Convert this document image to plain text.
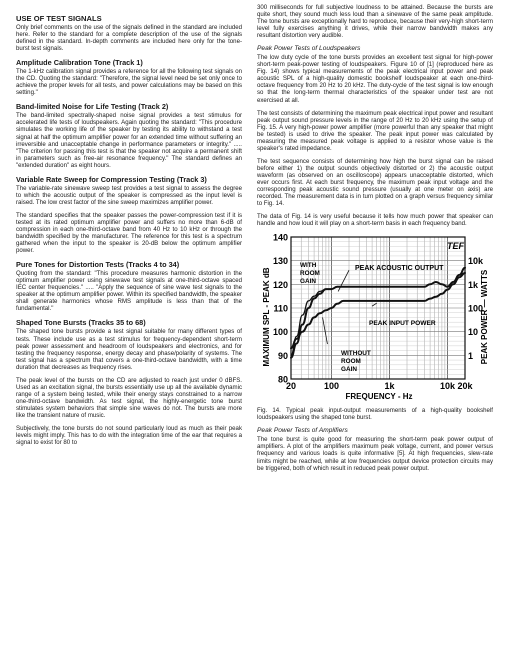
USE OF TEST SIGNALS
Only brief comments on the use of the signals defined in the standard are included here. Refer to the standard for a complete description of the use of the signals defined in the standard. In-depth comments are included here only for the tone-burst test signals.
Amplitude Calibration Tone (Track 1)
The 1-kHz calibration signal provides a reference for all the following test signals on the CD. Quoting the standard: "Therefore, the signal level need be set only once to achieve the proper levels for all tests, and power calculations may be based on this setting."
Band-limited Noise for Life Testing (Track 2)
The band-limited spectrally-shaped noise signal provides a test stimulus for accelerated life tests of loudspeakers. Again quoting the standard: "This procedure simulates the working life of the speaker by testing its ability to withstand a test signal at half the optimum amplifier power for an extended time without suffering an irreversible and unacceptable change in performance parameters or integrity." ..... "The criterion for passing this test is that the speaker not acquire a permanent shift in parameters such as free-air resonance frequency." The standard defines an "extended duration" as eight hours.
Variable Rate Sweep for Compression Testing (Track 3)
The variable-rate sinewave sweep test provides a test signal to assess the degree to which the acoustic output of the speaker is compressed as the input level is raised. The low crest factor of the sine sweep maximizes amplifier power.
The standard specifies that the speaker passes the power-compression test if it is tested at its rated optimum amplifier power and suffers no more than 6-dB of compression in each one-third-octave band from 40 Hz to 10 kHz or through the bandwidth specified by the manufacturer. The reference for this test is a spectrum gathered when the input to the speaker is 20-dB below the optimum amplifier power.
Pure Tones for Distortion Tests (Tracks 4 to 34)
Quoting from the standard: "This procedure measures harmonic distortion in the optimum amplifier power using sinewave test signals at one-third-octave spaced IEC center frequencies." ..... "Apply the sequence of sine wave test signals to the speaker at the optimum amplifier power. Within its specified bandwidth, the speaker shall generate harmonics whose RMS amplitude is less than that of the fundamental."
Shaped Tone Bursts (Tracks 35 to 68)
The shaped tone bursts provide a test signal suitable for many different types of tests. These include use as a test stimulus for frequency-dependent short-term peak power assessment and headroom of loudspeakers and electronics, and for testing the frequency response, energy decay and phase/polarity of systems. The test signal has a spectrum that covers a one-third-octave bandwidth, with a time duration that decreases as frequency rises.
The peak level of the bursts on the CD are adjusted to reach just under 0 dBFS. Used as an excitation signal, the bursts essentially use up all the available dynamic range of a system being tested, while their energy stays constrained to a narrow one-third-octave bandwidth. As test signal, the highly-energetic tone burst stimulates system behaviors that simple sine waves do not. The bursts are more like the transient nature of music.
Subjectively, the tone bursts do not sound particularly loud as much as their peak levels might imply. This has to do with the integration time of the ear that requires a signal to exist for 80 to
300 milliseconds for full subjective loudness to be attained. Because the bursts are quite short, they sound much less loud than a sinewave of the same peak amplitude. The tone bursts are exceptionally hard to reproduce, because their very-high short-term level fully exercises anything it drives, while their narrow bandwidth makes any resultant distortion very audible.
Peak Power Tests of Loudspeakers
The low duty cycle of the tone bursts provides an excellent test signal for high-power short-term peak-power testing of loudspeakers. Figure 10 of [1] (reproduced here as Fig. 14) shows typical measurements of the peak electrical input power and peak acoustic SPL of a high-quality domestic bookshelf loudspeaker at each one-third-octave frequency from 20 Hz to 20 kHz. The duty-cycle of the test signal is low enough so that the long-term thermal characteristics of the speaker under test are not exercised at all.
The test consists of determining the maximum peak electrical input power and resultant peak output sound pressure levels in the range of 20 Hz to 20 kHz using the setup of Fig. 15. A very high-power power amplifier (more powerful than any speaker that might be tested) is used to drive the speaker. The peak input power was calculated by measuring the measured peak voltage is applied to a resistor whose value is the speaker's rated impedance.
The test sequence consists of determining how high the burst signal can be raised before either 1) the output sounds objectively distorted or 2) the acoustic output waveform (as observed on an oscilloscope) appears unacceptable distorted, which ever occurs first. At each burst frequency, the maximum peak input voltage and the corresponding peak acoustic sound pressure (usually at one meter on axis) are recorded. The measurement data is in turn plotted on a graph versus frequency similar to Fig. 14.
The data of Fig. 14 is very useful because it tells how much power that speaker can handle and how loud it will play on a short-term basis in each frequency band.
80
90
100
110
120
130
140
1
10
100
1k
10k
20	100	1k	10k 20k
TEF
WITH
ROOM
GAIN
PEAK ACOUSTIC OUTPUT
PEAK INPUT POWER
WITHOUT
ROOM
GAIN
MAXIMUM SPL - PEAK dB	PEAK POWER — WATTS
FREQUENCY - Hz
Fig. 14. Typical peak input-output measurements of a high-quality bookshelf loudspeakers using the shaped tone burst.
Peak Power Tests of Amplifiers
The tone burst is quite good for measuring the short-term peak power output of amplifiers. A plot of the amplifiers maximum peak voltage, current, and power versus frequency and various loads is quite informative [5]. At high frequencies, slew-rate limits might be reached, while at low frequencies output device protection circuits may be triggered, both of which result in reduced peak power output.
